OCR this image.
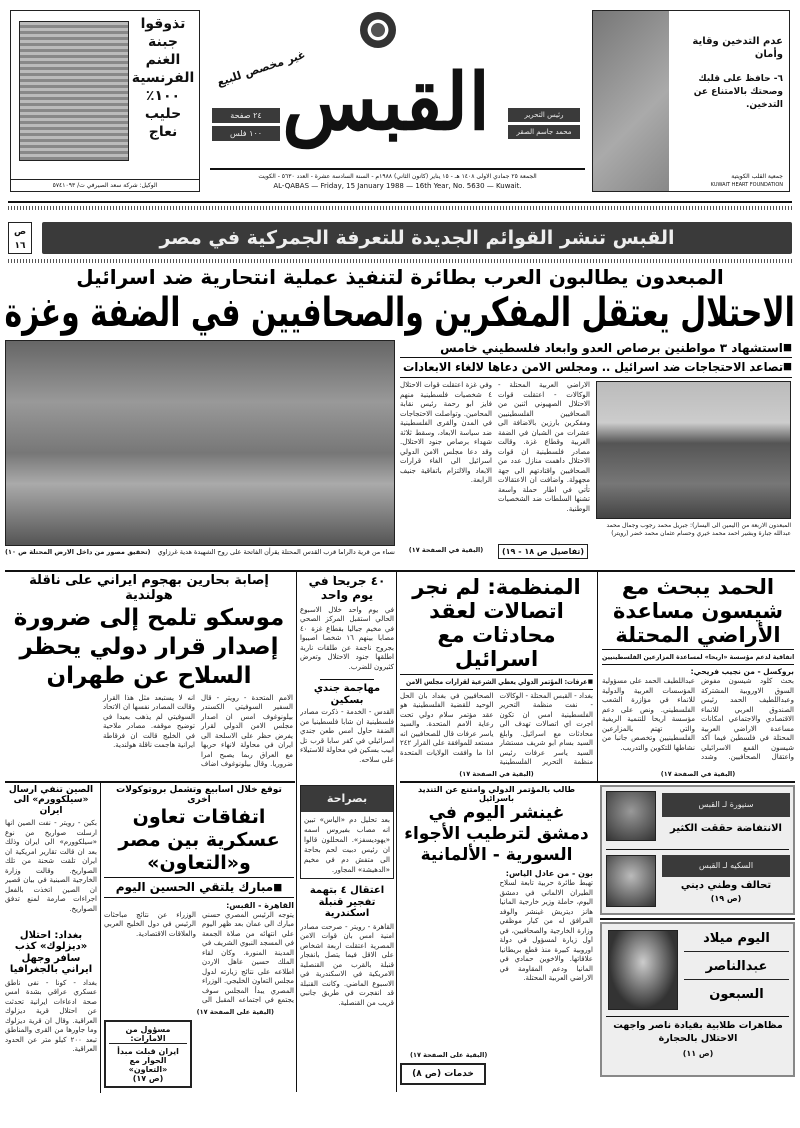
تذوقوا
جبنة
الغنم
الفرنسية
١٠٠٪
حليب
نعاج
الوكيل: شركة سعد الصيرفي ت/ ٥٧٤١٠٩٣
غير مخصص للبيع
٢٤ صفحة
١٠٠ فلس القبس	رئيس التحرير
محمد جاسم الصقر
الجمعة ٢٥ جمادي الاولى ١٤٠٨ هـ - ١٥ يناير (كانون الثاني) ١٩٨٨م - السنة السادسة عشرة - العدد ٥٦٣٠ - الكويت
AL-QABAS — Friday, 15 January 1988 — 16th Year, No. 5630 — Kuwait.
عدم التدخين وقاية وأمان
٦- حافظ على قلبك وصحتك بالامتناع عن التدخين.
جمعية القلب الكويتية
KUWAIT HEART FOUNDATION
ص ١٦	القبس تنشر القوائم الجديدة للتعرفة الجمركية في مصر
المبعدون يطالبون العرب بطائرة لتنفيذ عملية انتحارية ضد اسرائيل
الاحتلال يعتقل المفكرين والصحافيين في الضفة وغزة
نساء من قرية دالراما قرب القدس المحتلة يقرأن الفاتحة على روح الشهيدة هدية غرزاوي
(تحقيق مصور من داخل الارض المحتلة ص ١٠)
■ استشهاد ٣ مواطنين برصاص العدو وابعاد فلسطيني خامس
■ تصاعد الاحتجاجات ضد اسرائيل .. ومجلس الامن دعاها لالغاء الابعادات
الاراضي العربية المحتلة - الوكالات - اعتقلت قوات الاحتلال الصهيوني اثنين من الصحافيين الفلسطينيين ومفكرين بارزين بالاضافة الى عشرات من الشبان في الضفة الغربية وقطاع غزة. وقالت مصادر فلسطينية ان قوات الاحتلال داهمت منازل عدد من الصحافيين واقتادتهم الى جهة مجهولة. واضافت ان الاعتقالات تأتي في اطار حملة واسعة تشنها السلطات ضد الشخصيات الوطنية.
وفي غزة اعتقلت قوات الاحتلال ٤ شخصيات فلسطينية منهم فايز ابو رحمة رئيس نقابة المحامين. وتواصلت الاحتجاجات في المدن والقرى الفلسطينية ضد سياسة الابعاد، وسقط ثلاثة شهداء برصاص جنود الاحتلال. وقد دعا مجلس الامن الدولي اسرائيل الى الغاء قرارات الابعاد والالتزام باتفاقية جنيف الرابعة.
(البقية في الصفحة ١٧)	(تفاصيل ص ١٨ - ١٩)
المبعدون الاربعة من (اليمين الى اليسار): جبريل محمد رجوب وجمال محمد عبدالله جبارة وبشير احمد محمد خيري وحسام عثمان محمد خضر (رويتر)
الحمد يبحث مع شيسون مساعدة الأراضي المحتلة
اتفاقية لدعم مؤسسة «اريحا» لمساعدة المزارعين الفلسطينيين
بروكسل - من نجيب فريحي:
بحث كلود شيسون مفوض السوق الاوروبية المشتركة وعبداللطيف الحمد رئيس الصندوق العربي للانماء الاقتصادي والاجتماعي امكانات مساعدة الاراضي العربية المحتلة في فلسطين فيما أكد شيسون القمع الاسرائيلي واعتقال الصحافيين. وشدد عبداللطيف الحمد على مسؤولية المؤسسات العربية والدولية للانماء في مؤازرة الشعب الفلسطيني. ونص على دعم مؤسسة اريحا للتنمية الريفية والتي تهتم بالمزارعين الفلسطينيين وتخصص جانبا من نشاطها للتكوين والتدريب.
(البقية في الصفحة ١٧)
المنظمة: لم نجر اتصالات لعقد محادثات مع اسرائيل
■ عرفات: المؤتمر الدولي يعطي الشرعية لقرارات مجلس الامن
بغداد - القبس المحتلة - الوكالات - نفت منظمة التحرير الفلسطينية امس ان تكون اجرت اي اتصالات تهدف الى محادثات مع اسرائيل. وابلغ السيد بسام ابو شريف مستشار السيد ياسر عرفات رئيس منظمة التحرير الفلسطينية الصحافيين في بغداد بان الحل الوحيد للقضية الفلسطينية هو عقد مؤتمر سلام دولي تحت رعاية الامم المتحدة. والسيد ياسر عرفات قال للصحافيين انه مستعد للموافقة على القرار ٢٤٢ اذا ما وافقت الولايات المتحدة
(البقية في الصفحة ١٧)
٤٠ جريحاً في يوم واحد
في يوم واحد خلال الاسبوع الحالي استقبل المركز الصحي في مخيم جباليا بقطاع غزة ٤٠ مصابا بينهم ١٦ شخصا اصيبوا بجروح ناجمة عن طلقات نارية اطلقها جنود الاحتلال وتعرض كثيرون للضرب.
مهاجمة جندي بسكين
القدس - الخدمة - ذكرت مصادر فلسطينية ان شابا فلسطينيا من الضفة حاول امس طعن جندي اسرائيلي في كفر سابا قرب تل ابيب بسكين في محاولة للاستيلاء على سلاحه.
إصابة بحارين بهجوم ايراني على ناقلة هولندية
موسكو تلمح إلى ضرورة إصدار قرار دولي يحظر السلاح عن طهران
الامم المتحدة - رويتر - قال السفير السوفيتي الكسندر بيلونوغوف امس ان اصدار مجلس الامن الدولي لقرار يفرض حظر على الاسلحة الى ايران في محاولة لانهاء حربها مع العراق ربما يصبح امرا ضروريا. وقال بيلونوغوف اضاف انه لا يستبعد مثل هذا القرار وقالت المصادر نفسها ان الاتحاد السوفيتي لم يذهب بعيدا في توضيح موقفه. مصادر ملاحية في الخليج قالت ان فرقاطة ايرانية هاجمت ناقلة هولندية.
الصين تنفي ارسال «سيلكوورم» الى ايران
بكين - رويتر - نفت الصين انها ارسلت صواريخ من نوع «سيلكوورم» الى ايران وذلك بعد ان قالت تقارير امريكية ان ايران تلقت شحنة من تلك الصواريخ. وقالت وزارة الخارجية الصينية في بيان قصير ان الصين اتخذت بالفعل اجراءات صارمة لمنع تدفق الصواريخ.
بغداد: احتلال «ديزلوك» كذب سافر وجهل ايراني بالجغرافيا
بغداد - كونا - نفى ناطق عسكري عراقي بشدة امس صحة ادعاءات ايرانية تحدثت عن احتلال قرية ديزلوك العراقية. وقال ان قرية ديزلوك وما جاورها من القرى والمناطق تبعد ٢٠٠ كيلو متر عن الحدود العراقية.
توقع خلال اسابيع وتشمل بروتوكولات اخرى
اتفاقات تعاون عسكرية بين مصر و«التعاون»
■ مبارك يلتقي الحسين اليوم
القاهرة - القبس:
يتوجه الرئيس المصري حسني مبارك الى عمان بعد ظهر اليوم علي انتهائه من صلاة الجمعة في المسجد النبوي الشريف في المدينة المنورة. وكان لقاء الملك حسين عاهل الاردن اطلاعه على نتائج زيارته لدول مجلس التعاون الخليجي. الوزراء المصري يبدأ المجلس سوف يجتمع في اجتماعه المقبل الى الوزراء عن نتائج مباحثات الرئيس في دول الخليج العربي والعلاقات الاقتصادية.
(البقية على الصفحة ١٧)
مسؤول من الامارات:
ايران قبلت مبدأ الحوار مع «التعاون»
(ص ١٧)
بصراحة
بعد تحليل دم «الياس» تبين انه مصاب بفيروس اسمه «يهوديسفز». المحللون قالوا ان رئيس دبيت لحم بحاجة الى متفش دم في مخيم «الدهيشة» المجاور.
اعتقال ٤ بتهمة تفجير قنبلة اسكندرية
القاهرة - رويتر - صرحت مصادر امنية امس بان قوات الامن المصرية اعتقلت اربعة اشخاص على الاقل فيما يتصل بانفجار قنبلة بالقرب من القنصلية الامريكية في الاسكندرية في الاسبوع الماضي. وكانت القنبلة قد انفجرت في طريق جانبي قريب من القنصلية.
طالب بالمؤتمر الدولي وامتنع عن التنديد باسرائيل
غينشر اليوم في دمشق لترطيب الأجواء السورية - الألمانية
بون - من عادل الياس:
تهبط طائرة حربية تابعة لسلاح الطيران الالماني في دمشق اليوم، حاملة وزير خارجية المانيا هانز ديتريش غينشر والوفد المرافق له من كبار موظفي وزارة الخارجية والصحافيين، في اول زيارة لمسؤول في دولة اوروبية كبيرة منذ قطع بريطانيا علاقاتها. والاخوين حمادي في المانيا ودعم المقاومة في الاراضي العربية المحتلة.
(البقية على الصفحة ١٧)
خدمات (ص ٨)
سنيورة لـ القبس
الانتفاضة حققت الكثير
السكيه لـ القبس
تحالف وطني ديني
(ص ١٩)
اليوم ميلاد
عبدالناصر
السبعون
مظاهرات طلابية بقيادة ناصر واجهت الاحتلال بالحجارة
(ص ١١)
